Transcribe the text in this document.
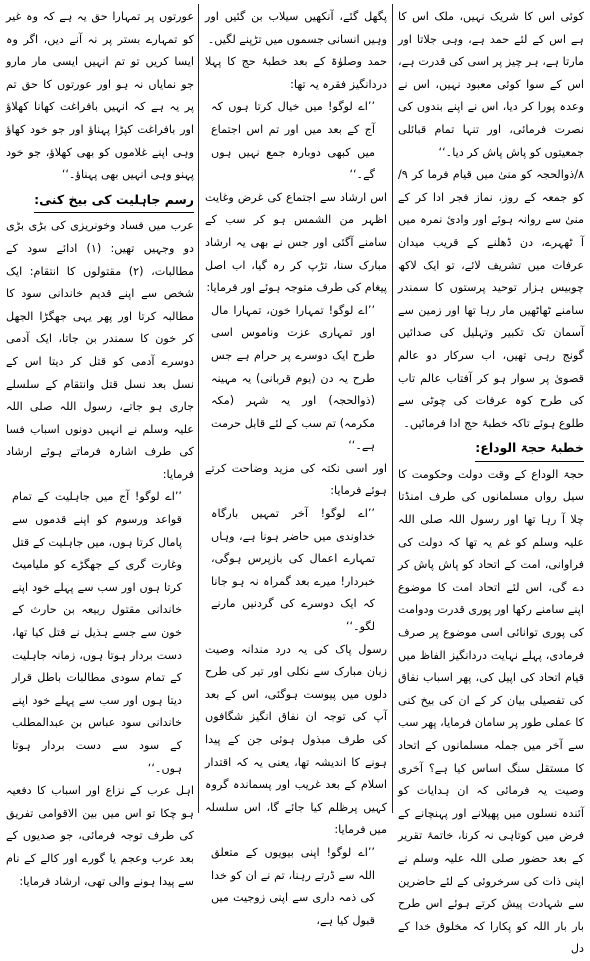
کوئی اس کا شریک نہیں، ملک اس کا ہے اس کے لئے حمد ہے، وہی جلاتا اور مارتا ہے، ہر چیز پر اسی کی قدرت ہے، اس کے سوا کوئی معبود نہیں، اس نے وعدہ پورا کر دیا، اس نے اپنے بندوں کی نصرت فرمائی، اور تنہا تمام قبائلی جمعیتوں کو پاش پاش کر دیا۔‘‘

۸/ذوالحجہ کو منیٰ میں قیام فرما کر ۹/کو جمعہ کے روز، نماز فجر ادا کر کے منیٰ سے روانہ ہوئے اور وادیٔ نمرہ میں آ ٹھہرے، دن ڈھلنے کے قریب میدان عرفات میں تشریف لائے، تو ایک لاکھ چوبیس ہزار توحید پرستوں کا سمندر سامنے ٹھاٹھیں مار رہا تھا اور زمین سے آسمان تک تکبیر وتہلیل کی صدائیں گونج رہی تھیں، اب سرکار دو عالم قصویٰ پر سوار ہو کر آفتاب عالم تاب کی طرح کوہ عرفات کی چوٹی سے طلوع ہوئے تاکہ خطبۂ حج ادا فرمائیں۔

خطبۂ حجۃ الوداع:

حجۃ الوداع کے وقت دولت وحکومت کا سیل رواں مسلمانوں کی طرف امنڈتا چلا آ رہا تھا اور رسول اللہ صلی اللہ علیہ وسلم کو غم یہ تھا کہ دولت کی فراوانی، امت کے اتحاد کو پاش پاش کر دے گی، اس لئے اتحاد امت کا موضوع اپنے سامنے رکھا اور پوری قدرت ودوامت کی پوری توانائی اسی موضوع پر صرف فرمادی، پہلے نہایت دردانگیز الفاظ میں قیام اتحاد کی اپیل کی، پھر اسباب نفاق کی تفصیلی بیان کر کے ان کی بیخ کنی کا عملی طور پر سامان فرمایا، پھر سب سے آخر میں جملہ مسلمانوں کے اتحاد کا مستقل سنگ اساس کیا ہے؟ آخری وصیت یہ فرمائی کہ ان ہدایات کو آئندہ نسلوں میں پھیلانے اور پہنچانے کے فرض میں کوتاہی نہ کرنا، خاتمۂ تقریر کے بعد حضور صلی اللہ علیہ وسلم نے اپنی ذات کی سرخروئی کے لئے حاضرین سے شہادت پیش کرتے ہوئے اس طرح بار بار اللہ کو پکارا کہ مخلوق خدا کے دل

پگھل گئے، آنکھیں سیلاب بن گئیں اور وہیں انسانی جسموں میں تڑپنے لگیں۔

حمد وصلوٰۃ کے بعد خطبۂ حج کا پہلا دردانگیز فقرہ یہ تھا:

’’اے لوگو! میں خیال کرتا ہوں کہ آج کے بعد میں اور تم اس اجتماع میں کبھی دوبارہ جمع نہیں ہوں گے۔‘‘

اس ارشاد سے اجتماع کی غرض وغایت اظہر من الشمس ہو کر سب کے سامنے آگئی اور جس نے بھی یہ ارشاد مبارک سنا، تڑپ کر رہ گیا، اب اصل پیغام کی طرف متوجہ ہوئے اور فرمایا:

’’اے لوگو! تمہارا خون، تمہارا مال اور تمہاری عزت وناموس اسی طرح ایک دوسرے پر حرام ہے جس طرح یہ دن (یوم قربانی) یہ مہینہ (ذوالحجہ) اور یہ شہر (مکہ مکرمہ) تم سب کے لئے قابل حرمت ہے۔‘‘

اور اسی نکتہ کی مزید وضاحت کرتے ہوئے فرمایا:

’’اے لوگو! آخر تمہیں بارگاہ خداوندی میں حاضر ہونا ہے، وہاں تمہارے اعمال کی بازپرس ہوگی، خبردار! میرے بعد گمراہ نہ ہو جانا کہ ایک دوسرے کی گردنیں مارنے لگو۔‘‘

رسول پاک کی یہ درد مندانہ وصیت زبان مبارک سے نکلی اور تیر کی طرح دلوں میں پیوست ہوگئی، اس کے بعد آپ کی توجہ ان نفاق انگیز شگافوں کی طرف مبذول ہوئی جن کے پیدا ہونے کا اندیشہ تھا، یعنی یہ کہ اقتدار اسلام کے بعد غریب اور پسماندہ گروہ کہیں پرظلم کیا جائے گا، اس سلسلہ میں فرمایا:

’’اے لوگو! اپنی بیویوں کے متعلق اللہ سے ڈرتے رہنا، تم نے ان کو خدا کی ذمہ داری سے اپنی زوجیت میں قبول کیا ہے،

عورتوں پر تمہارا حق یہ ہے کہ وہ غیر کو تمہارے بستر پر نہ آنے دیں، اگر وہ ایسا کریں تو تم انہیں ایسی مار مارو جو نمایاں نہ ہو اور عورتوں کا حق تم پر یہ ہے کہ انہیں بافراغت کھانا کھلاؤ اور بافراغت کپڑا پہناؤ اور جو خود کھاؤ وہی اپنے غلاموں کو بھی کھلاؤ، جو خود پہنو وہی انہیں بھی پہناؤ۔‘‘

رسم جاہلیت کی بیخ کنی:

عرب میں فساد وخونریزی کی بڑی بڑی دو وجہیں تھیں: (۱) ادائے سود کے مطالبات، (۲) مقتولوں کا انتقام: ایک شخص سے اپنے قدیم خاندانی سود کا مطالبہ کرتا اور پھر یہی جھگڑا الجھل کر خون کا سمندر بن جاتا، ایک آدمی دوسرے آدمی کو قتل کر دیتا اس کے نسل بعد نسل قتل وانتقام کے سلسلے جاری ہو جاتے، رسول اللہ صلی اللہ علیہ وسلم نے انہیں دونوں اسباب فسا کی طرف اشارہ فرماتے ہوئے ارشاد فرمایا:

’’اے لوگو! آج میں جاہلیت کے تمام قواعد ورسوم کو اپنے قدموں سے پامال کرتا ہوں، میں جاہلیت کے قتل وغارت گری کے جھگڑے کو ملیامیٹ کرتا ہوں اور سب سے پہلے خود اپنے خاندانی مقتول ربیعہ بن حارث کے خون سے جسے ہذیل نے قتل کیا تھا، دست بردار ہوتا ہوں، زمانہ جاہلیت کے تمام سودی مطالبات باطل قرار دیتا ہوں اور سب سے پہلے خود اپنے خاندانی سود عباس بن عبدالمطلب کے سود سے دست بردار ہوتا ہوں۔‘‘

اہل عرب کے نزاع اور اسباب کا دفعیہ ہو چکا تو اس میں بین الاقوامی تفریق کی طرف توجہ فرمائی، جو صدیوں کے بعد عرب وعجم یا گورے اور کالے کے نام سے پیدا ہونے والی تھی، ارشاد فرمایا:
